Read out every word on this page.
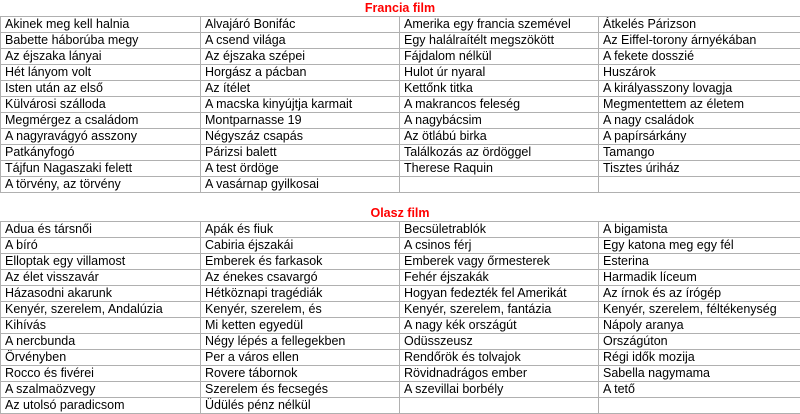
Francia film
Akinek meg kell halnia	Alvajáró Bonifác	Amerika egy francia szemével	Átkelés Párizson
Babette háborúba megy	A csend világa	Egy halálraítélt megszökött	Az Eiffel-torony árnyékában
Az éjszaka lányai	Az éjszaka szépei	Fájdalom nélkül	A fekete dosszié
Hét lányom volt	Horgász a pácban	Hulot úr nyaral	Huszárok
Isten után az első	Az ítélet	Kettőnk titka	A királyasszony lovagja
Külvárosi szálloda	A macska kinyújtja karmait	A makrancos feleség	Megmentettem az életem
Megmérgez a családom	Montparnasse 19	A nagybácsim	A nagy családok
A nagyravágyó asszony	Négyszáz csapás	Az ötlábú birka	A papírsárkány
Patkányfogó	Párizsi balett	Találkozás az ördöggel	Tamango
Tájfun Nagaszaki felett	A test ördöge	Therese Raquin	Tisztes úriház
A törvény, az törvény	A vasárnap gyilkosai		
Olasz film
Adua és társnői	Apák és fiuk	Becsületrablók	A bigamista
A bíró	Cabiria éjszakái	A csinos férj	Egy katona meg egy fél
Elloptak egy villamost	Emberek és farkasok	Emberek vagy őrmesterek	Esterina
Az élet visszavár	Az énekes csavargó	Fehér éjszakák	Harmadik líceum
Házasodni akarunk	Hétköznapi tragédiák	Hogyan fedezték fel Amerikát	Az írnok és az írógép
Kenyér, szerelem, Andalúzia	Kenyér, szerelem, és	Kenyér, szerelem, fantázia	Kenyér, szerelem, féltékenység
Kihívás	Mi ketten egyedül	A nagy kék országút	Nápoly aranya
A nercbunda	Négy lépés a fellegekben	Odüsszeusz	Országúton
Örvényben	Per a város ellen	Rendőrök és tolvajok	Régi idők mozija
Rocco és fivérei	Rovere tábornok	Rövidnadrágos ember	Sabella nagymama
A szalmaözvegy	Szerelem és fecsegés	A szevillai borbély	A tető
Az utolsó paradicsom	Üdülés pénz nélkül		
